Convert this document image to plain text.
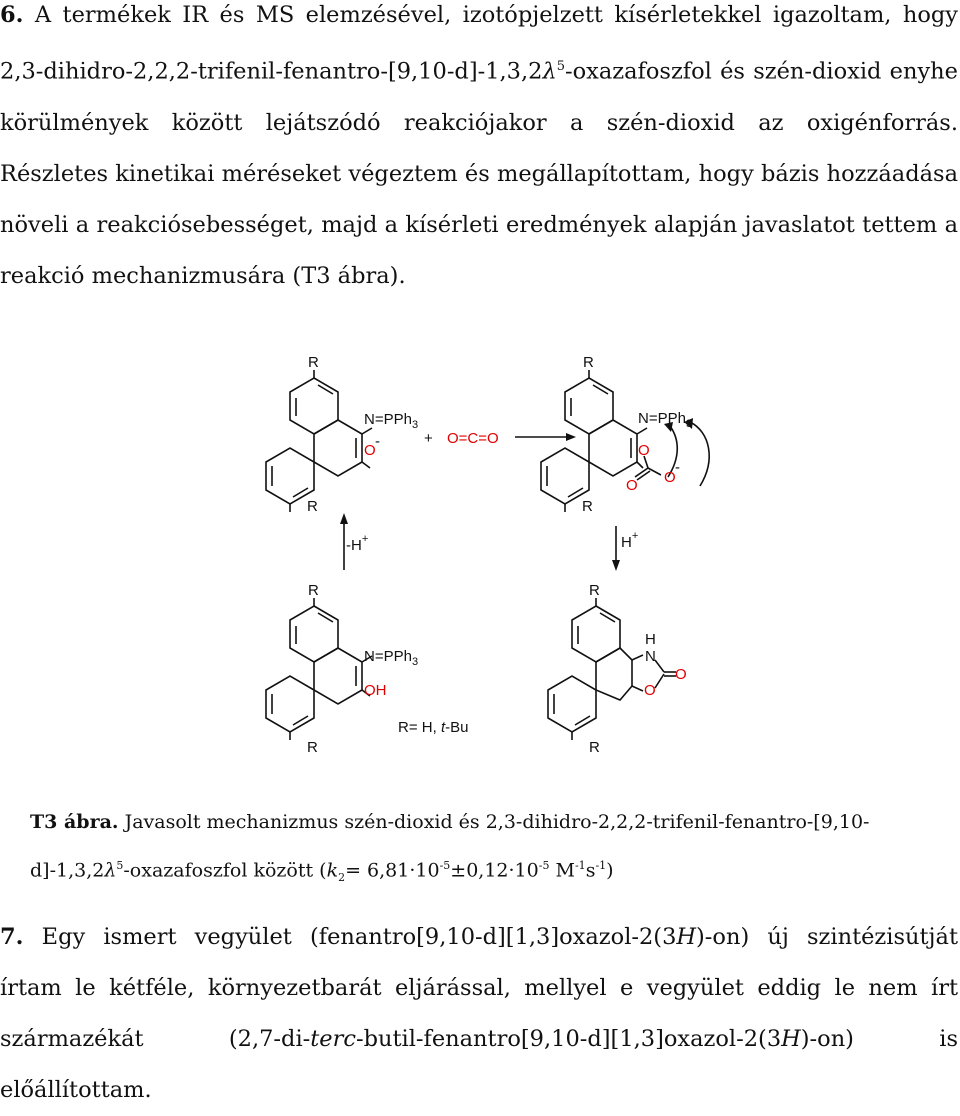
6. A termékek IR és MS elemzésével, izotópjelzett kísérletekkel igazoltam, hogy $2,3-dihidro-2,2,2-trifenil-fenantro-[9,10-d]-1,3,2\lambda^5$-oxazafoszfol és szén-dioxid enyhe körülmények között lejátszódó reakciójakor a szén-dioxid az oxigénforrás. Részletes kinetikai méréseket végeztem és megállapítottam, hogy bázis hozzáadása növeli a reakciósebességet, majd a kísérleti eredmények alapján javaslatot tettem a reakció mechanizmusára (T3 ábra).
R
R
N=PPh$_3$
O
-	+ O=C=O
R
R
N=PPh$_3$
O
O O
-
-H+	H+
R
R
N=PPh$_3$
OH
R= H, t-Bu
R
R
H
N
O
O
T3 ábra. Javasolt mechanizmus szén-dioxid és $2,3-dihidro-2,2,2-trifenil-fenantro-[9,10-d]-1,3,2\lambda^5$-oxazafoszfol között ($k_2= 6,81\cdot 10^{-5}\pm 0,12\cdot 10^{-5}$ $M^{-1}s^{-1}$)
7. Egy ismert vegyület (fenantro[9,10-d][1,3]oxazol-2(3H)-on) új szintézisútját írtam le kétféle, környezetbarát eljárással, mellyel e vegyület eddig le nem írt származékát (2,7-di-terc-butil-fenantro[9,10-d][1,3]oxazol-2(3H)-on) is előállítottam.
